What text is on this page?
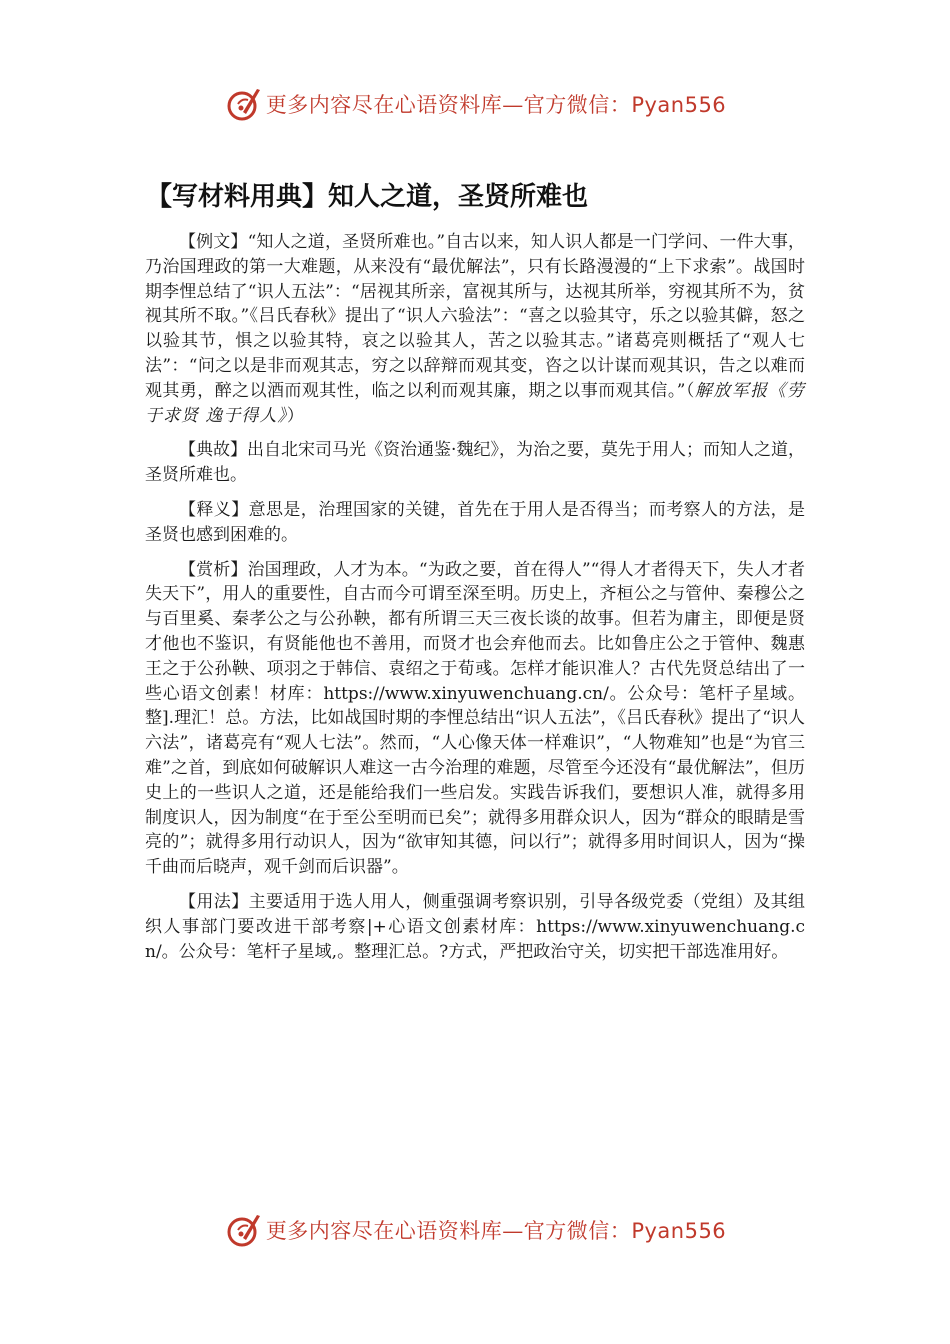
更多内容尽在心语资料库—官方微信：Pyan556
【写材料用典】知人之道，圣贤所难也

【例文】“知人之道，圣贤所难也。”自古以来，知人识人都是一门学问、一件大事，乃治国理政的第一大难题，从来没有“最优解法”，只有长路漫漫的“上下求索”。战国时期李悝总结了“识人五法”：“居视其所亲，富视其所与，达视其所举，穷视其所不为，贫视其所不取。”《吕氏春秋》提出了“识人六验法”：“喜之以验其守，乐之以验其僻，怒之以验其节，惧之以验其特，哀之以验其人，苦之以验其志。”诸葛亮则概括了“观人七法”：“问之以是非而观其志，穷之以辞辩而观其变，咨之以计谋而观其识，告之以难而观其勇，醉之以酒而观其性，临之以利而观其廉，期之以事而观其信。”（解放军报《劳于求贤 逸于得人》）

【典故】出自北宋司马光《资治通鉴·魏纪》，为治之要，莫先于用人；而知人之道，圣贤所难也。

【释义】意思是，治理国家的关键，首先在于用人是否得当；而考察人的方法，是圣贤也感到困难的。

【赏析】治国理政，人才为本。“为政之要，首在得人”“得人才者得天下，失人才者失天下”，用人的重要性，自古而今可谓至深至明。历史上，齐桓公之与管仲、秦穆公之与百里奚、秦孝公之与公孙鞅，都有所谓三天三夜长谈的故事。但若为庸主，即便是贤才他也不鉴识，有贤能他也不善用，而贤才也会弃他而去。比如鲁庄公之于管仲、魏惠王之于公孙鞅、项羽之于韩信、袁绍之于荀彧。怎样才能识准人？古代先贤总结出了一些心语文创素！材库：https://www.xinyuwenchuang.cn/。公众号：笔杆子星域。整].理汇！总。方法，比如战国时期的李悝总结出“识人五法”，《吕氏春秋》提出了“识人六法”，诸葛亮有“观人七法”。然而，“人心像天体一样难识”，“人物难知”也是“为官三难”之首，到底如何破解识人难这一古今治理的难题，尽管至今还没有“最优解法”，但历史上的一些识人之道，还是能给我们一些启发。实践告诉我们，要想识人准，就得多用制度识人，因为制度“在于至公至明而已矣”；就得多用群众识人，因为“群众的眼睛是雪亮的”；就得多用行动识人，因为“欲审知其德，问以行”；就得多用时间识人，因为“操千曲而后晓声，观千剑而后识器”。

【用法】主要适用于选人用人，侧重强调考察识别，引导各级党委（党组）及其组织人事部门要改进干部考察|+心语文创素材库：https://www.xinyuwenchuang.cn/。公众号：笔杆子星域,。整理汇总。?方式，严把政治守关，切实把干部选准用好。

更多内容尽在心语资料库—官方微信：Pyan556
